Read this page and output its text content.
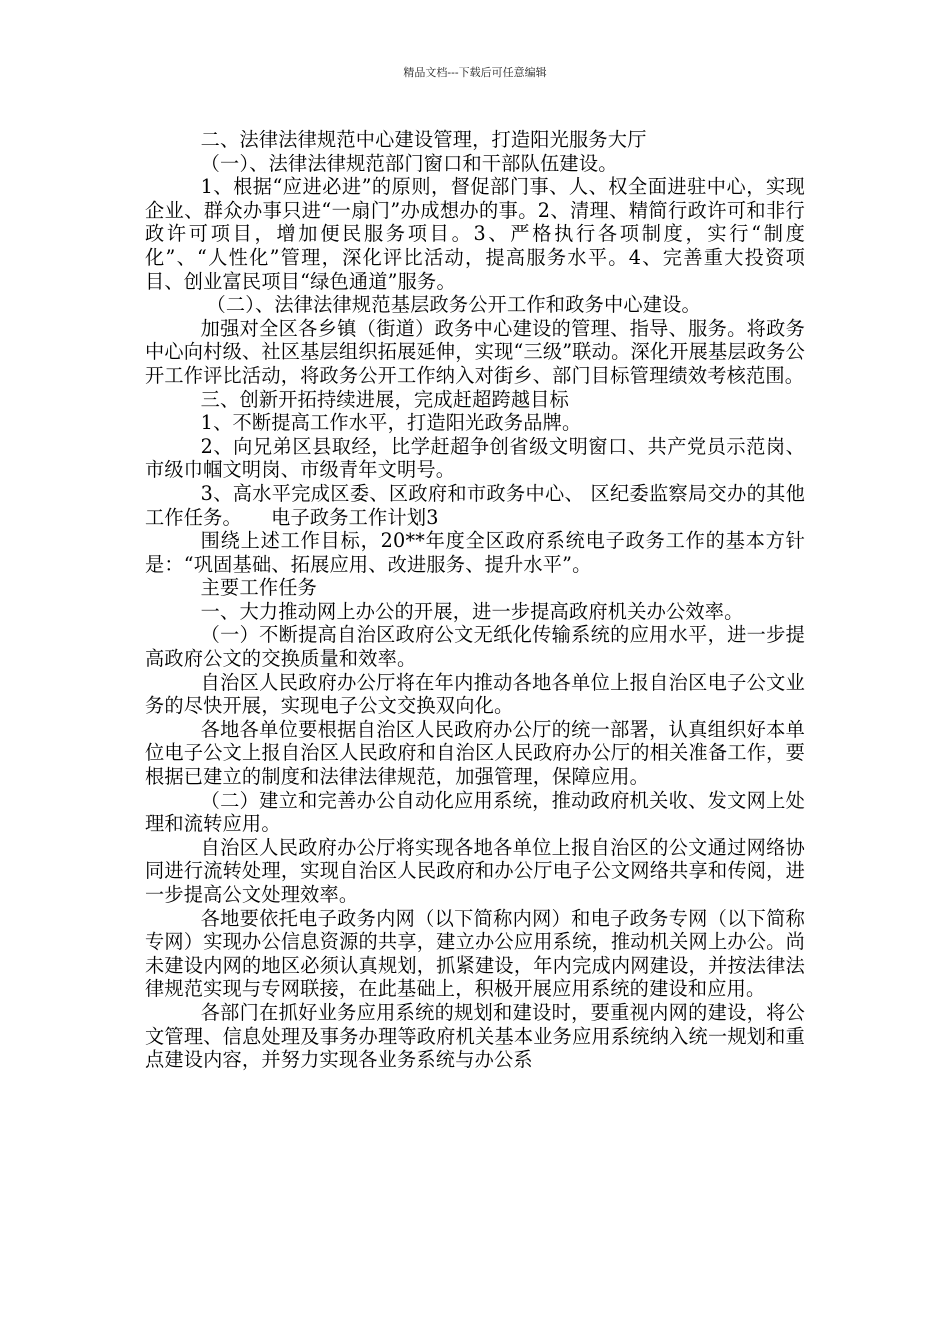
精品文档---下载后可任意编辑

二、法律法律规范中心建设管理，打造阳光服务大厅

（一）、法律法律规范部门窗口和干部队伍建设。

1、根据“应进必进”的原则，督促部门事、人、权全面进驻中心，实现企业、群众办事只进“一扇门”办成想办的事。2、清理、精简行政许可和非行政许可项目，增加便民服务项目。3、严格执行各项制度，实行“制度化”、“人性化”管理，深化评比活动，提高服务水平。4、完善重大投资项目、创业富民项目“绿色通道”服务。

（二）、法律法律规范基层政务公开工作和政务中心建设。

加强对全区各乡镇（街道）政务中心建设的管理、指导、服务。将政务中心向村级、社区基层组织拓展延伸，实现“三级”联动。深化开展基层政务公开工作评比活动，将政务公开工作纳入对街乡、部门目标管理绩效考核范围。

三、创新开拓持续进展，完成赶超跨越目标

1、不断提高工作水平，打造阳光政务品牌。

2、向兄弟区县取经，比学赶超争创省级文明窗口、共产党员示范岗、市级巾帼文明岗、市级青年文明号。

3、高水平完成区委、区政府和市政务中心、 区纪委监察局交办的其他工作任务。　　电子政务工作计划3

围绕上述工作目标，20**年度全区政府系统电子政务工作的基本方针是：“巩固基础、拓展应用、改进服务、提升水平”。

主要工作任务

一、大力推动网上办公的开展，进一步提高政府机关办公效率。

（一）不断提高自治区政府公文无纸化传输系统的应用水平，进一步提高政府公文的交换质量和效率。

自治区人民政府办公厅将在年内推动各地各单位上报自治区电子公文业务的尽快开展，实现电子公文交换双向化。

各地各单位要根据自治区人民政府办公厅的统一部署，认真组织好本单位电子公文上报自治区人民政府和自治区人民政府办公厅的相关准备工作，要根据已建立的制度和法律法律规范，加强管理，保障应用。

（二）建立和完善办公自动化应用系统，推动政府机关收、发文网上处理和流转应用。

自治区人民政府办公厅将实现各地各单位上报自治区的公文通过网络协同进行流转处理，实现自治区人民政府和办公厅电子公文网络共享和传阅，进一步提高公文处理效率。

各地要依托电子政务内网（以下简称内网）和电子政务专网（以下简称专网）实现办公信息资源的共享，建立办公应用系统，推动机关网上办公。尚未建设内网的地区必须认真规划，抓紧建设，年内完成内网建设，并按法律法律规范实现与专网联接，在此基础上，积极开展应用系统的建设和应用。

各部门在抓好业务应用系统的规划和建设时，要重视内网的建设，将公文管理、信息处理及事务办理等政府机关基本业务应用系统纳入统一规划和重点建设内容，并努力实现各业务系统与办公系
